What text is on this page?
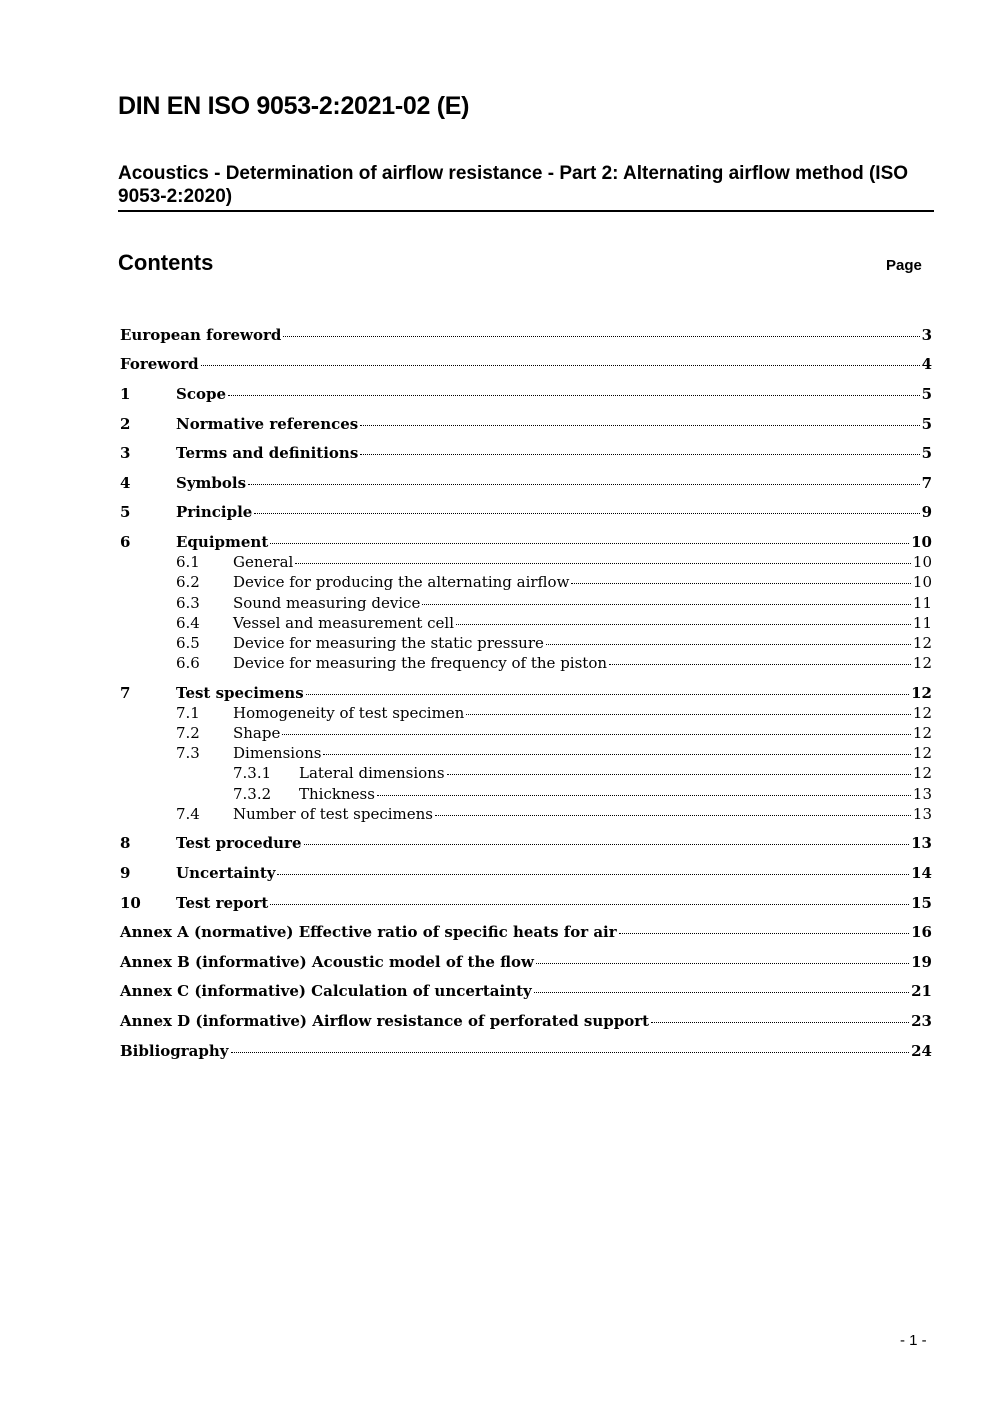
DIN EN ISO 9053-2:2021-02 (E)

Acoustics - Determination of airflow resistance - Part 2: Alternating airflow method (ISO 9053-2:2020)

Contents	Page
European foreword	3
Foreword	4
1	Scope	5
2	Normative references	5
3	Terms and definitions	5
4	Symbols	7
5	Principle	9
6	Equipment	10
6.1	General	10
6.2	Device for producing the alternating airflow	10
6.3	Sound measuring device	11
6.4	Vessel and measurement cell	11
6.5	Device for measuring the static pressure	12
6.6	Device for measuring the frequency of the piston	12
7	Test specimens	12
7.1	Homogeneity of test specimen	12
7.2	Shape	12
7.3	Dimensions	12
7.3.1	Lateral dimensions	12
7.3.2	Thickness	13
7.4	Number of test specimens	13
8	Test procedure	13
9	Uncertainty	14
10	Test report	15
Annex A (normative) Effective ratio of specific heats for air	16
Annex B (informative) Acoustic model of the flow	19
Annex C (informative) Calculation of uncertainty	21
Annex D (informative) Airflow resistance of perforated support	23
Bibliography	24
- 1 -
